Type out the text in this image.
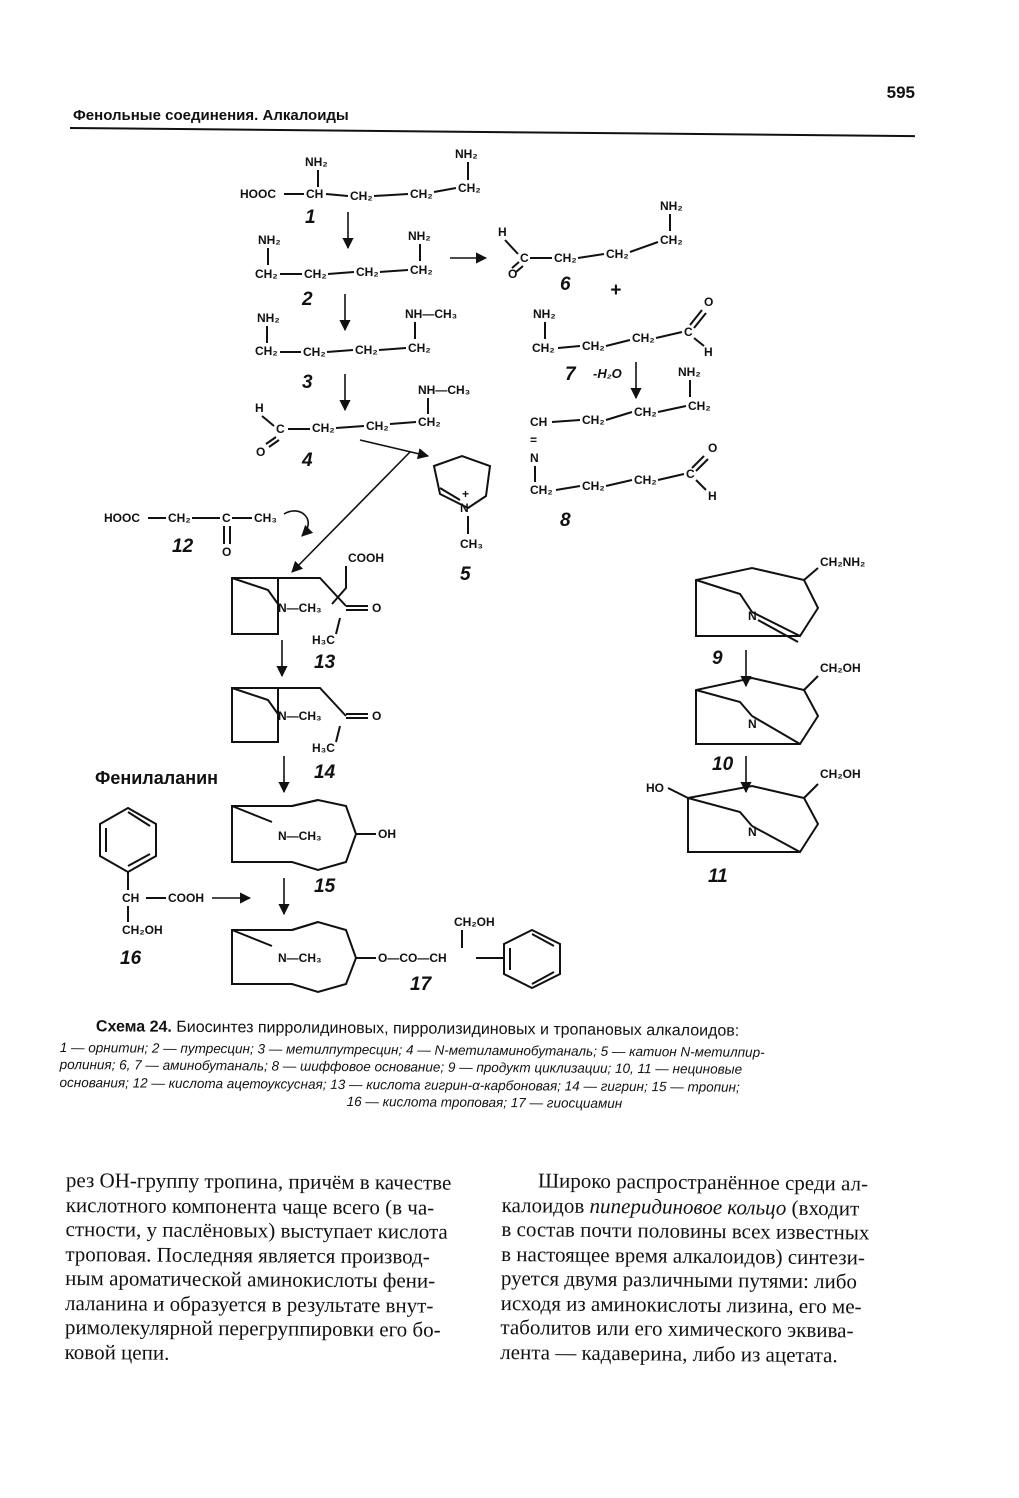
595
Фенольные соединения. Алкалоиды
NH₂
NH₂
HOOC	CH CH₂	CH₂ CH₂
1
NH₂	NH₂
CH₂ CH₂ CH₂	CH₂
2
H
O
C CH₂ CH₂
CH₂
NH₂
6 +
NH₂
CH₂ CH₂
CH₂ C
O
H
7 -H₂O
NH₂	NH—CH₃
CH₂ CH₂ CH₂	CH₂
3	NH—CH₃
H
C
O
CH₂	CH₂ CH₂
4
N
+
CH₃
5
NH₂
CH	CH₂
CH₂	CH₂
=
N
CH₂ CH₂ CH₂ C
O
H
8
HOOC CH₂	C CH₃
O
12
N—CH₃
COOH
O
H₃C
13
N—CH₃	O
H₃C
14
N—CH₃	OH
15
Фенилаланин
CH COOH
CH₂OH
16	N—CH₃	O—CO—CH
CH₂OH
17
N
CH₂NH₂
9
N
CH₂OH
10
HO
N
CH₂OH
11
Схема 24. Биосинтез пирролидиновых, пирролизидиновых и тропановых алкалоидов:
1 — орнитин; 2 — путресцин; 3 — метилпутресцин; 4 — N-метиламинобутаналь; 5 — катион N-метилпир-
ролиния; 6, 7 — аминобутаналь; 8 — шиффовое основание; 9 — продукт циклизации; 10, 11 — нециновые
основания; 12 — кислота ацетоуксусная; 13 — кислота гигрин-α-карбоновая; 14 — гигрин; 15 — тропин;
16 — кислота троповая; 17 — гиосциамин
рез ОН-группу тропина, причём в качестве
кислотного компонента чаще всего (в ча-
стности, у паслёновых) выступает кислота
троповая. Последняя является производ-
ным ароматической аминокислоты фени-
лаланина и образуется в результате внут-
римолекулярной перегруппировки его бо-
ковой цепи.
Широко распространённое среди ал-
калоидов пиперидиновое кольцо (входит
в состав почти половины всех известных
в настоящее время алкалоидов) синтези-
руется двумя различными путями: либо
исходя из аминокислоты лизина, его ме-
таболитов или его химического эквива-
лента — кадаверина, либо из ацетата.
